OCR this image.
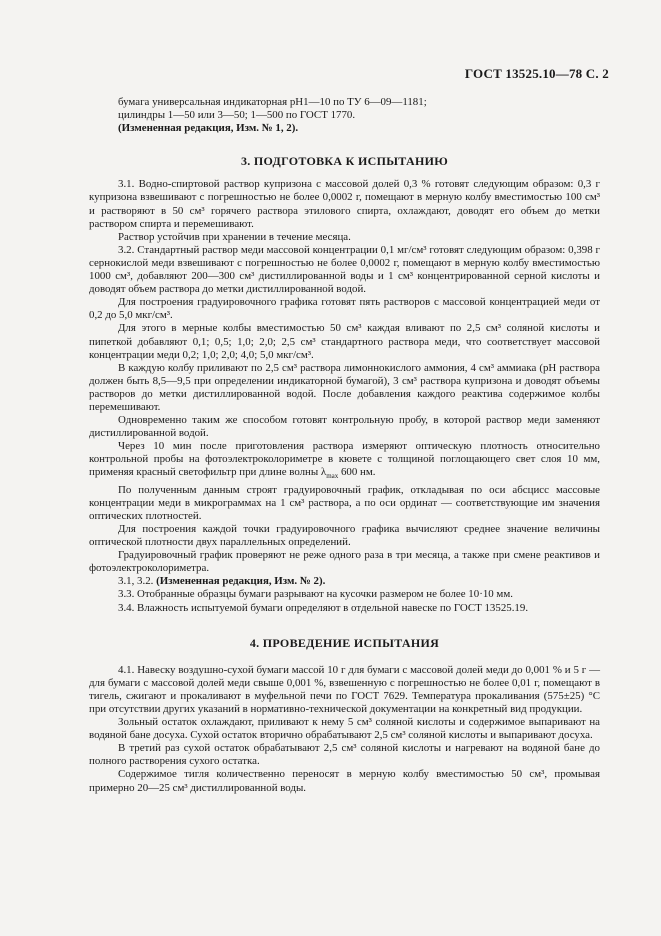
ГОСТ 13525.10—78 С. 2

бумага универсальная индикаторная рН1—10 по ТУ 6—09—1181;

цилиндры 1—50 или 3—50; 1—500 по ГОСТ 1770.

(Измененная редакция, Изм. № 1, 2).

3. ПОДГОТОВКА К ИСПЫТАНИЮ

3.1. Водно-спиртовой раствор купризона с массовой долей 0,3 % готовят следующим образом: 0,3 г купризона взвешивают с погрешностью не более 0,0002 г, помещают в мерную колбу вместимостью 100 см³ и растворяют в 50 см³ горячего раствора этилового спирта, охлаждают, доводят его объем до метки раствором спирта и перемешивают.

Раствор устойчив при хранении в течение месяца.

3.2. Стандартный раствор меди массовой концентрации 0,1 мг/см³ готовят следующим образом: 0,398 г сернокислой меди взвешивают с погрешностью не более 0,0002 г, помещают в мерную колбу вместимостью 1000 см³, добавляют 200—300 см³ дистиллированной воды и 1 см³ концентрированной серной кислоты и доводят объем раствора до метки дистиллированной водой.

Для построения градуировочного графика готовят пять растворов с массовой концентрацией меди от 0,2 до 5,0 мкг/см³.

Для этого в мерные колбы вместимостью 50 см³ каждая вливают по 2,5 см³ соляной кислоты и пипеткой добавляют 0,1; 0,5; 1,0; 2,0; 2,5 см³ стандартного раствора меди, что соответствует массовой концентрации меди 0,2; 1,0; 2,0; 4,0; 5,0 мкг/см³.

В каждую колбу приливают по 2,5 см³ раствора лимоннокислого аммония, 4 см³ аммиака (рН раствора должен быть 8,5—9,5 при определении индикаторной бумагой), 3 см³ раствора купризона и доводят объемы растворов до метки дистиллированной водой. После добавления каждого реактива содержимое колбы перемешивают.

Одновременно таким же способом готовят контрольную пробу, в которой раствор меди заменяют дистиллированной водой.

Через 10 мин после приготовления раствора измеряют оптическую плотность относительно контрольной пробы на фотоэлектроколориметре в кювете с толщиной поглощающего свет слоя 10 мм, применяя красный светофильтр при длине волны $\lambda_{max}$ 600 нм.

По полученным данным строят градуировочный график, откладывая по оси абсцисс массовые концентрации меди в микрограммах на 1 см³ раствора, а по оси ординат — соответствующие им значения оптических плотностей.

Для построения каждой точки градуировочного графика вычисляют среднее значение величины оптической плотности двух параллельных определений.

Градуировочный график проверяют не реже одного раза в три месяца, а также при смене реактивов и фотоэлектроколориметра.

3.1, 3.2. (Измененная редакция, Изм. № 2).

3.3. Отобранные образцы бумаги разрывают на кусочки размером не более 10·10 мм.

3.4. Влажность испытуемой бумаги определяют в отдельной навеске по ГОСТ 13525.19.

4. ПРОВЕДЕНИЕ ИСПЫТАНИЯ

4.1. Навеску воздушно-сухой бумаги массой 10 г для бумаги с массовой долей меди до 0,001 % и 5 г — для бумаги с массовой долей меди свыше 0,001 %, взвешенную с погрешностью не более 0,01 г, помещают в тигель, сжигают и прокаливают в муфельной печи по ГОСТ 7629. Температура прокаливания (575±25) °С при отсутствии других указаний в нормативно-технической документации на конкретный вид продукции.

Зольный остаток охлаждают, приливают к нему 5 см³ соляной кислоты и содержимое выпаривают на водяной бане досуха. Сухой остаток вторично обрабатывают 2,5 см³ соляной кислоты и выпаривают досуха.

В третий раз сухой остаток обрабатывают 2,5 см³ соляной кислоты и нагревают на водяной бане до полного растворения сухого остатка.

Содержимое тигля количественно переносят в мерную колбу вместимостью 50 см³, промывая примерно 20—25 см³ дистиллированной воды.
